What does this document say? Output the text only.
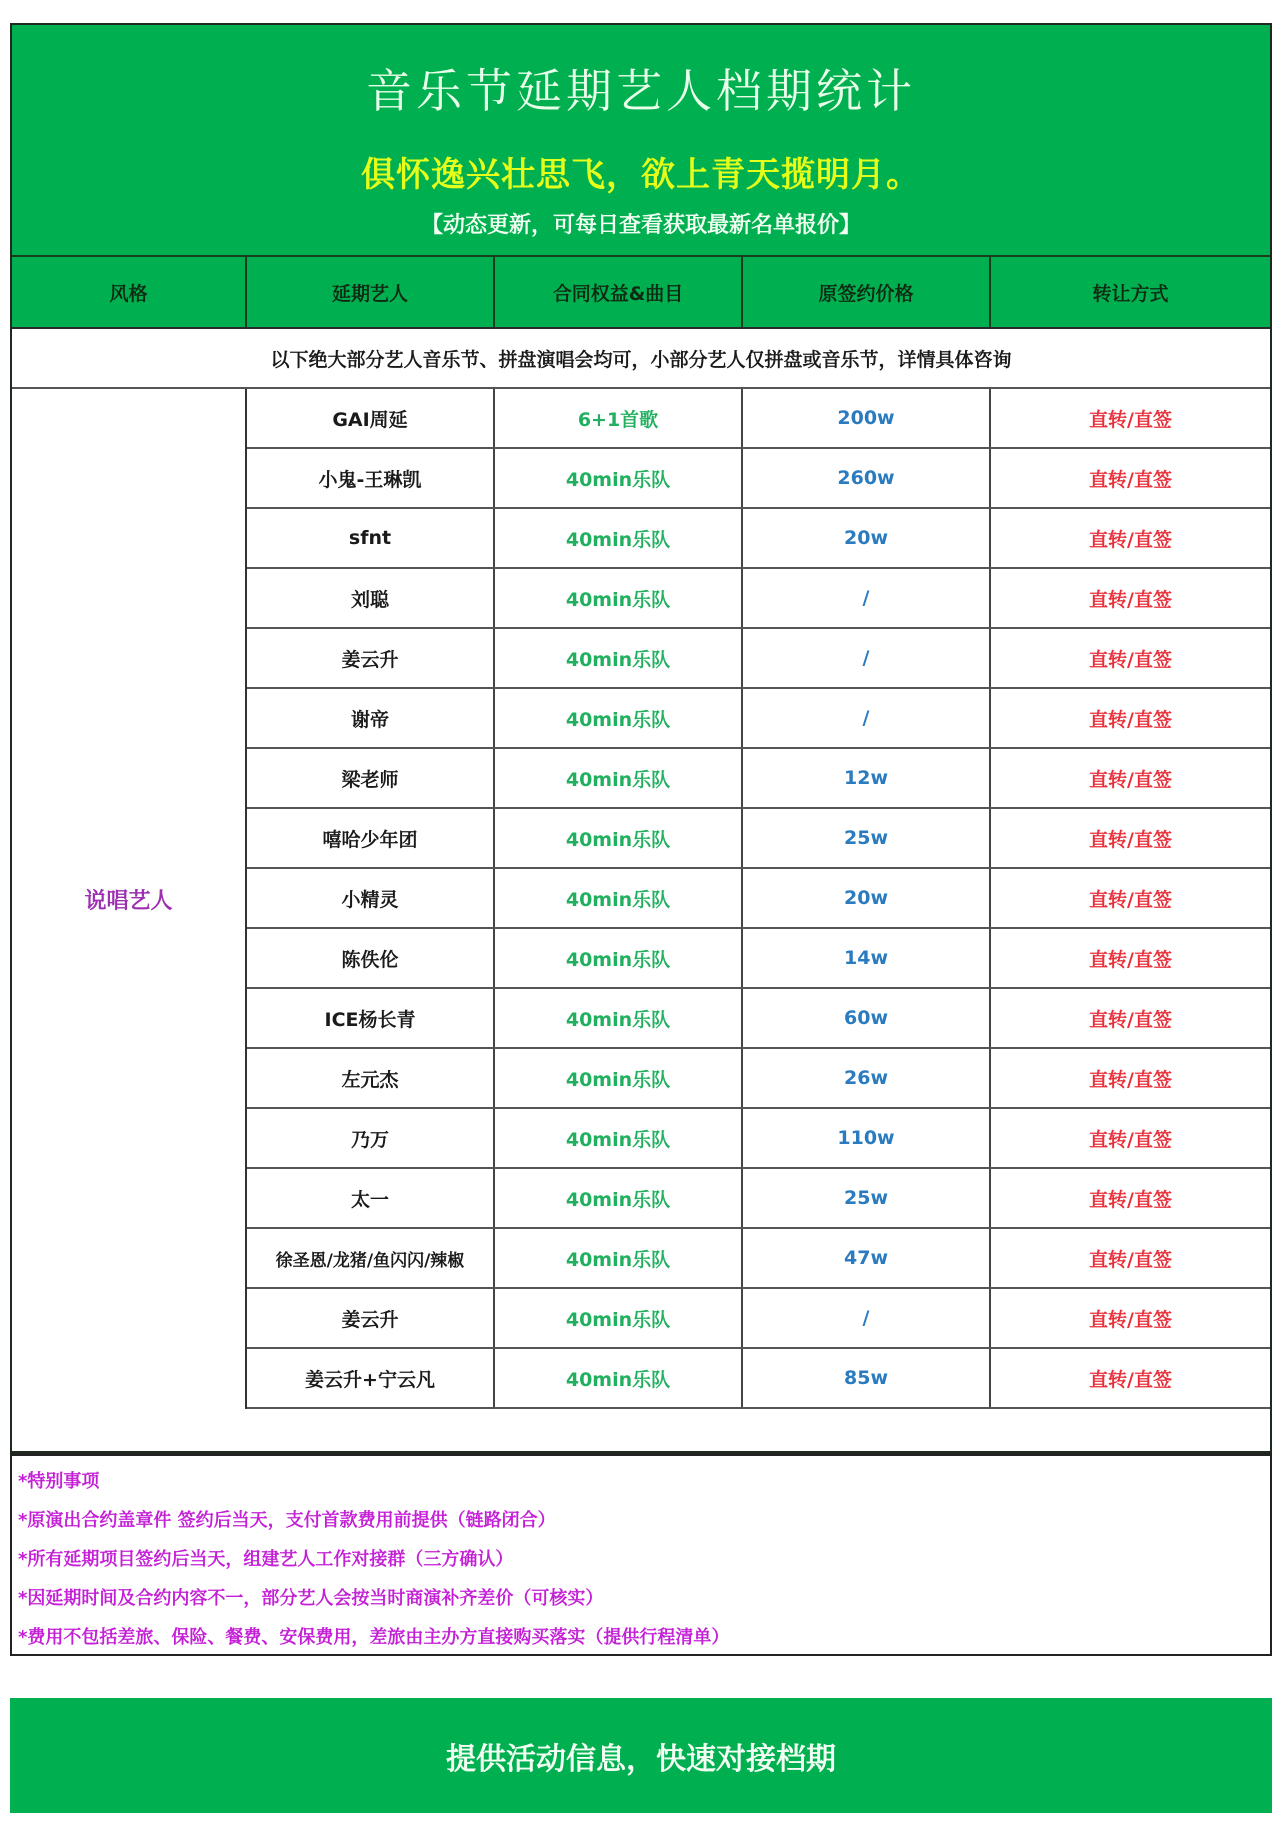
音乐节延期艺人档期统计
俱怀逸兴壮思飞，欲上青天揽明月。
【动态更新，可每日查看获取最新名单报价】
风格	延期艺人	合同权益&曲目	原签约价格	转让方式
以下绝大部分艺人音乐节、拼盘演唱会均可，小部分艺人仅拼盘或音乐节，详情具体咨询
说唱艺人
GAI周延	6+1首歌	200w	直转/直签
小鬼-王琳凯	40min乐队	260w	直转/直签
sfnt	40min乐队	20w	直转/直签
刘聪	40min乐队	/	直转/直签
姜云升	40min乐队	/	直转/直签
谢帝	40min乐队	/	直转/直签
梁老师	40min乐队	12w	直转/直签
嘻哈少年团	40min乐队	25w	直转/直签
小精灵	40min乐队	20w	直转/直签
陈佚伦	40min乐队	14w	直转/直签
ICE杨长青	40min乐队	60w	直转/直签
左元杰	40min乐队	26w	直转/直签
乃万	40min乐队	110w	直转/直签
太一	40min乐队	25w	直转/直签
徐圣恩/龙猪/鱼闪闪/辣椒	40min乐队	47w	直转/直签
姜云升	40min乐队	/	直转/直签
姜云升+宁云凡	40min乐队	85w	直转/直签

*特别事项

*原演出合约盖章件 签约后当天，支付首款费用前提供（链路闭合）

*所有延期项目签约后当天，组建艺人工作对接群（三方确认）

*因延期时间及合约内容不一，部分艺人会按当时商演补齐差价（可核实）

*费用不包括差旅、保险、餐费、安保费用，差旅由主办方直接购买落实（提供行程清单）

提供活动信息，快速对接档期
